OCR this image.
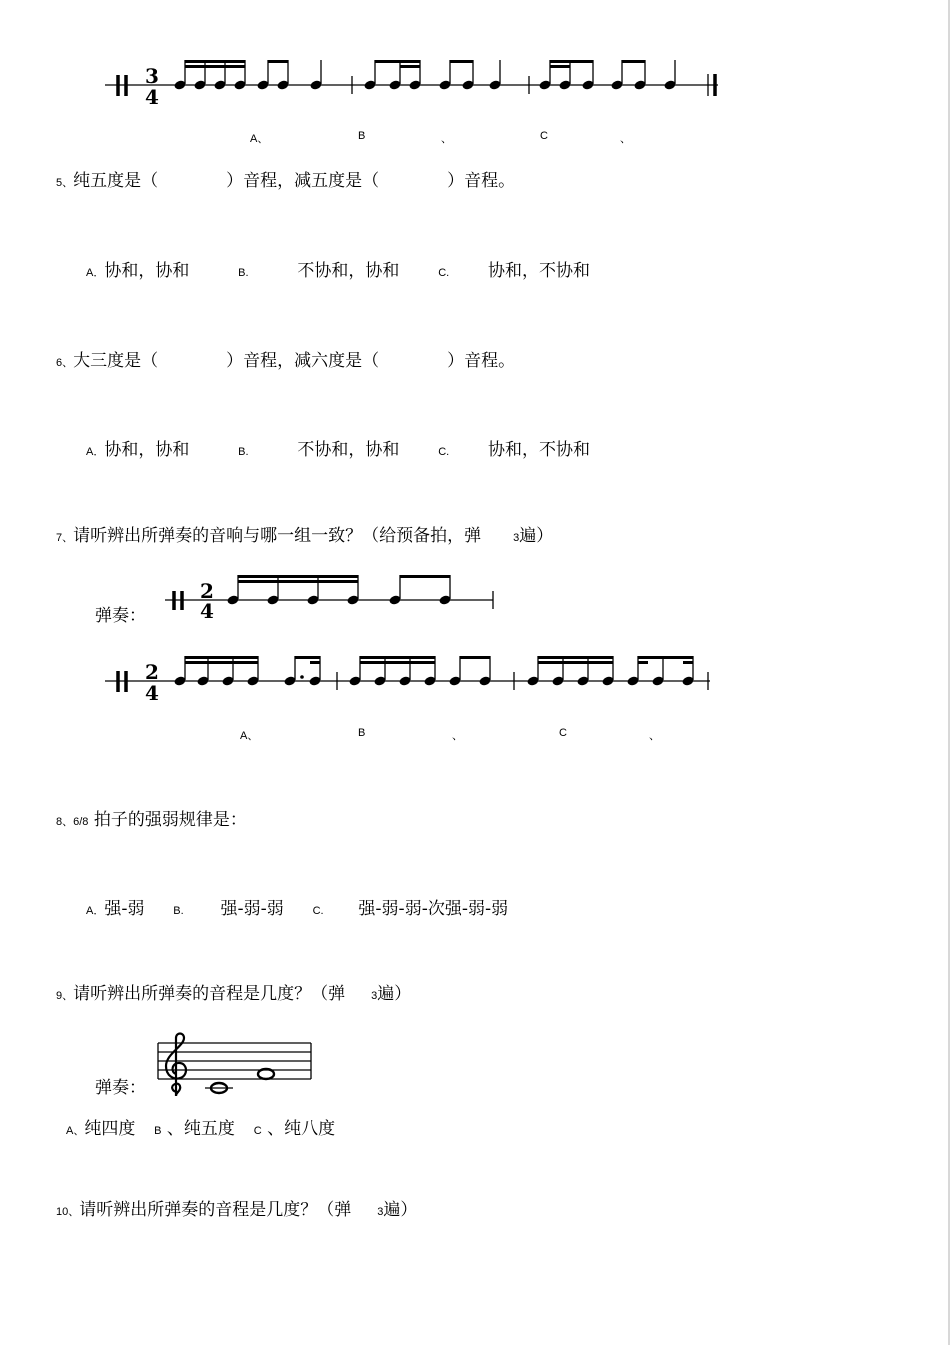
3
4
A、	B	、	C	、
5、纯五度是（　　　　）音程，减五度是（　　　　）音程。
A．协和，协和	B.	不协和，协和	C. 协和，不协和
6、大三度是（　　　　）音程，减六度是（　　　　）音程。
A．协和，协和	B.	不协和，协和	C. 协和，不协和
7、请听辨出所弹奏的音响与哪一组一致？（给预备拍，弹	3遍）
弹奏：
2
4
2
4
A、	B	、	C	、
8、6/8 拍子的强弱规律是：
A．强-弱	B. 强-弱-弱	C. 强-弱-弱-次强-弱-弱
9、请听辨出所弹奏的音程是几度？（弹 3遍）
弹奏：
A、纯四度 B 、纯五度 C 、纯八度
10、请听辨出所弹奏的音程是几度？（弹 3遍）
